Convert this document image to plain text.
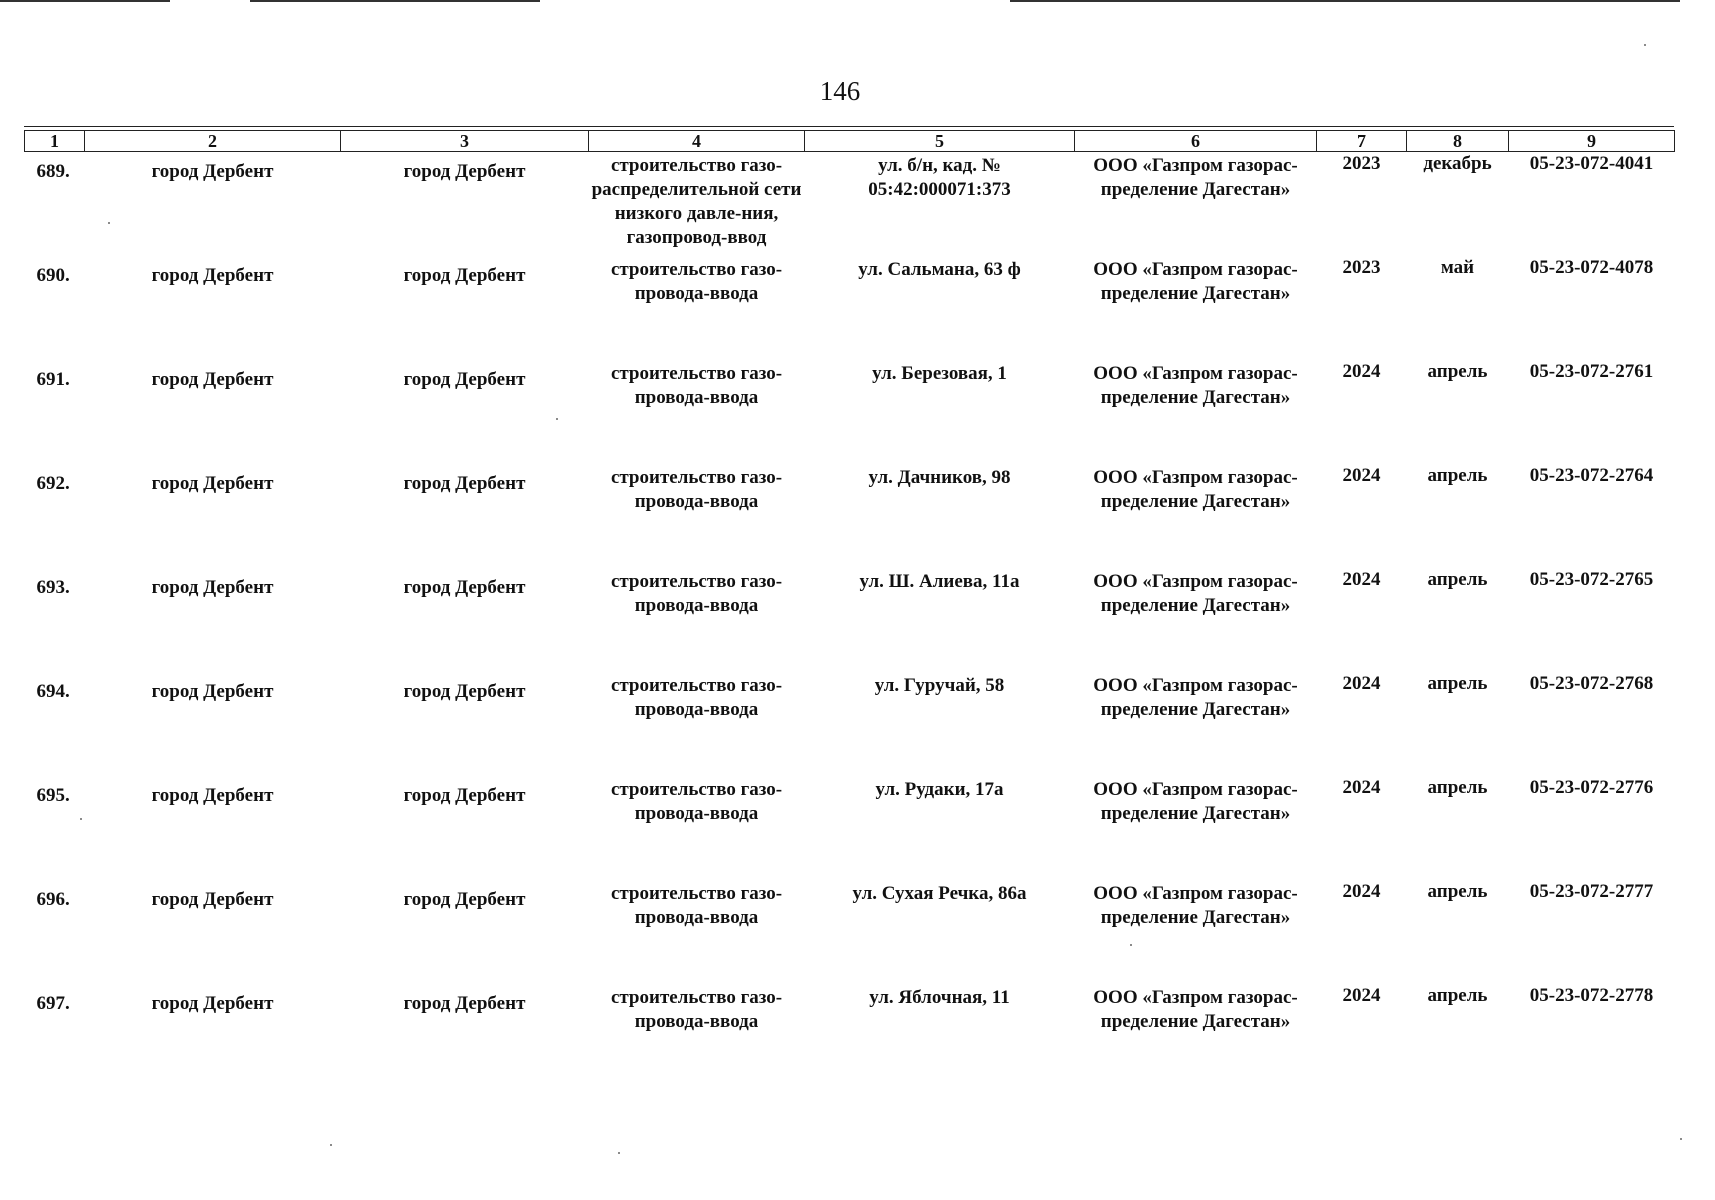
146
1	2	3	4	5	6	7	8	9
689.	город Дербент	город Дербент	строительство газо-распределительной сети низкого давле-ния, газопровод-ввод	ул. б/н, кад. № 05:42:000071:373	ООО «Газпром газорас-пределение Дагестан»	2023	декабрь	05-23-072-4041
690.	город Дербент	город Дербент	строительство газо-провода-ввода	ул. Сальмана, 63 ф	ООО «Газпром газорас-пределение Дагестан»	2023	май	05-23-072-4078
691.	город Дербент	город Дербент	строительство газо-провода-ввода	ул. Березовая, 1	ООО «Газпром газорас-пределение Дагестан»	2024	апрель	05-23-072-2761
692.	город Дербент	город Дербент	строительство газо-провода-ввода	ул. Дачников, 98	ООО «Газпром газорас-пределение Дагестан»	2024	апрель	05-23-072-2764
693.	город Дербент	город Дербент	строительство газо-провода-ввода	ул. Ш. Алиева, 11а	ООО «Газпром газорас-пределение Дагестан»	2024	апрель	05-23-072-2765
694.	город Дербент	город Дербент	строительство газо-провода-ввода	ул. Гуручай, 58	ООО «Газпром газорас-пределение Дагестан»	2024	апрель	05-23-072-2768
695.	город Дербент	город Дербент	строительство газо-провода-ввода	ул. Рудаки, 17а	ООО «Газпром газорас-пределение Дагестан»	2024	апрель	05-23-072-2776
696.	город Дербент	город Дербент	строительство газо-провода-ввода	ул. Сухая Речка, 86а	ООО «Газпром газорас-пределение Дагестан»	2024	апрель	05-23-072-2777
697.	город Дербент	город Дербент	строительство газо-провода-ввода	ул. Яблочная, 11	ООО «Газпром газорас-пределение Дагестан»	2024	апрель	05-23-072-2778
